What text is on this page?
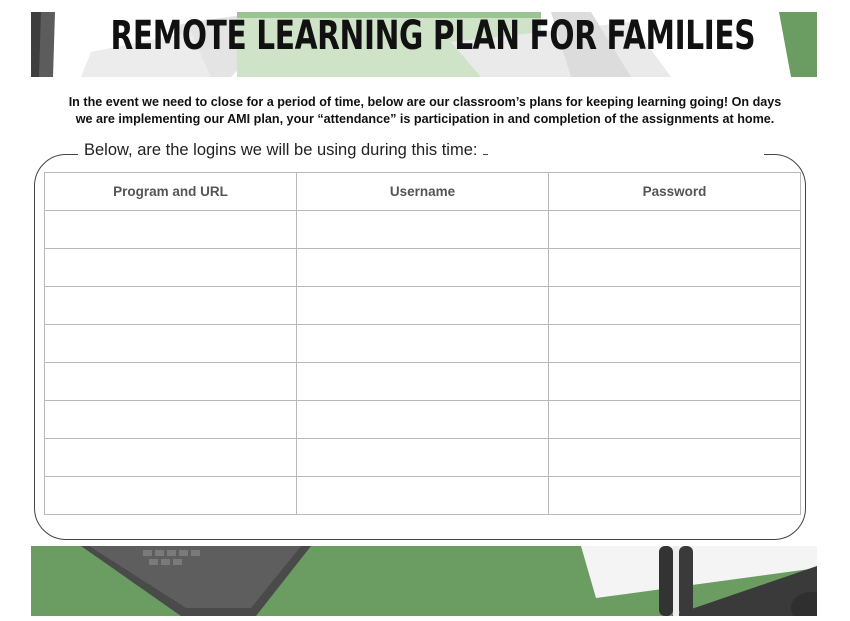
REMOTE LEARNING PLAN FOR FAMILIES
In the event we need to close for a period of time, below are our classroom’s plans for keeping learning going! On days
we are implementing our AMI plan, your “attendance” is participation in and completion of the assignments at home.
Below, are the logins we will be using during this time:
Program and URL	Username	Password
